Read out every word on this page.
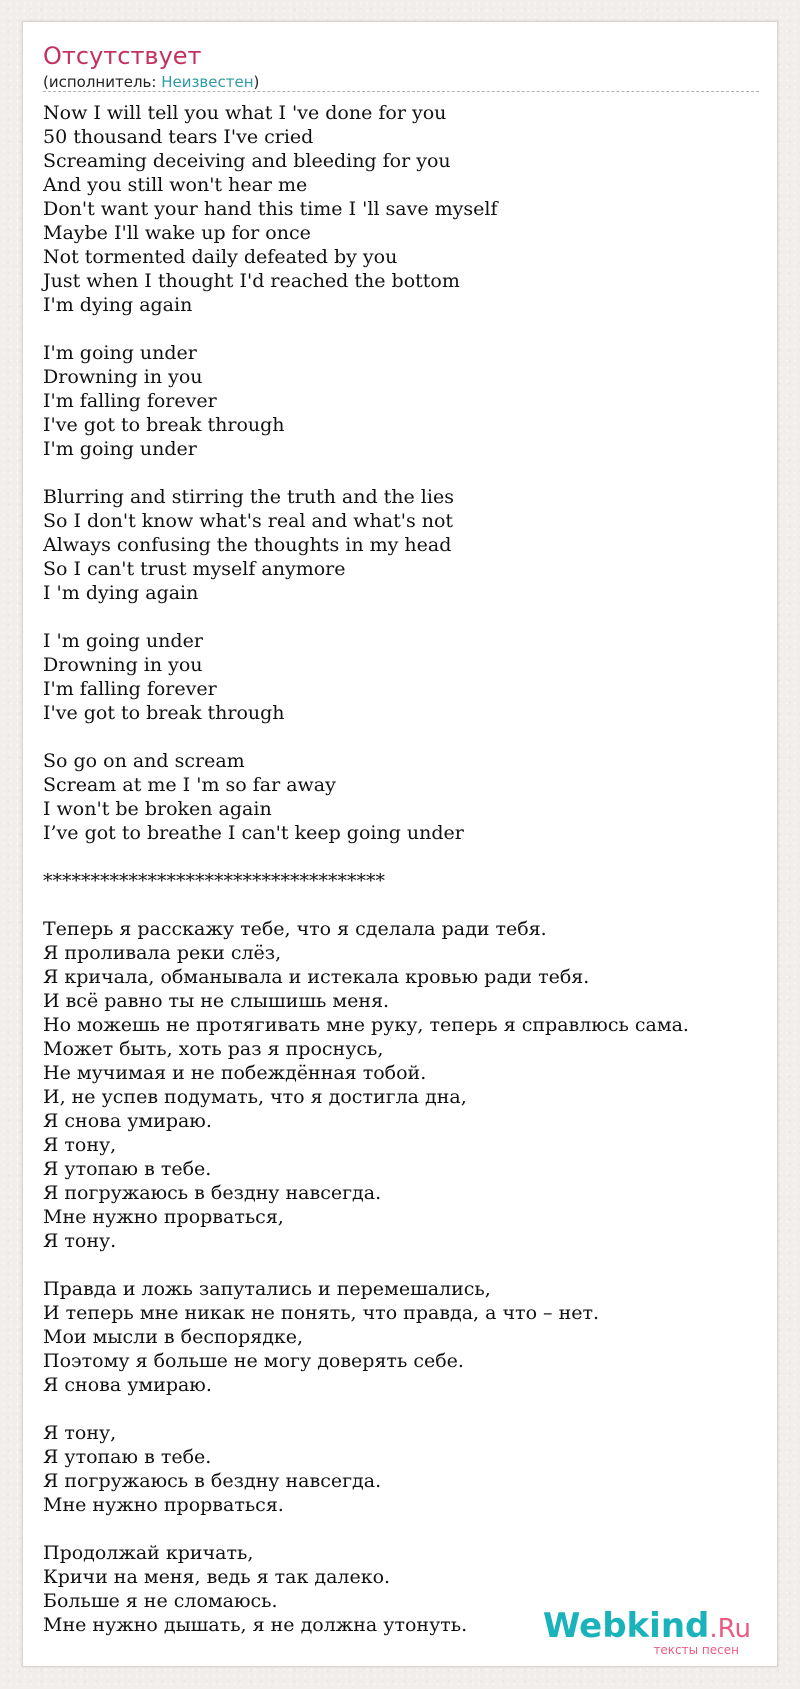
Отсутствует
(исполнитель: Неизвестен)
Now I will tell you what I 've done for you
50 thousand tears I've cried
Screaming deceiving and bleeding for you
And you still won't hear me
Don't want your hand this time I 'll save myself
Maybe I'll wake up for once
Not tormented daily defeated by you
Just when I thought I'd reached the bottom
I'm dying again
I'm going under
Drowning in you
I'm falling forever
I've got to break through
I'm going under
Blurring and stirring the truth and the lies
So I don't know what's real and what's not
Always confusing the thoughts in my head
So I can't trust myself anymore
I 'm dying again
I 'm going under
Drowning in you
I'm falling forever
I've got to break through
So go on and scream
Scream at me I 'm so far away
I won't be broken again
I’ve got to breathe I can't keep going under
************************************
Теперь я расскажу тебе, что я сделала ради тебя.
Я проливала реки слёз,
Я кричала, обманывала и истекала кровью ради тебя.
И всё равно ты не слышишь меня.
Но можешь не протягивать мне руку, теперь я справлюсь сама.
Может быть, хоть раз я проснусь,
Не мучимая и не побеждённая тобой.
И, не успев подумать, что я достигла дна,
Я снова умираю.
Я тону,
Я утопаю в тебе.
Я погружаюсь в бездну навсегда.
Мне нужно прорваться,
Я тону.
Правда и ложь запутались и перемешались,
И теперь мне никак не понять, что правда, а что – нет.
Мои мысли в беспорядке,
Поэтому я больше не могу доверять себе.
Я снова умираю.
Я тону,
Я утопаю в тебе.
Я погружаюсь в бездну навсегда.
Мне нужно прорваться.
Продолжай кричать,
Кричи на меня, ведь я так далеко.
Больше я не сломаюсь.
Мне нужно дышать, я не должна утонуть.	Webkind.Ru
тексты песен
